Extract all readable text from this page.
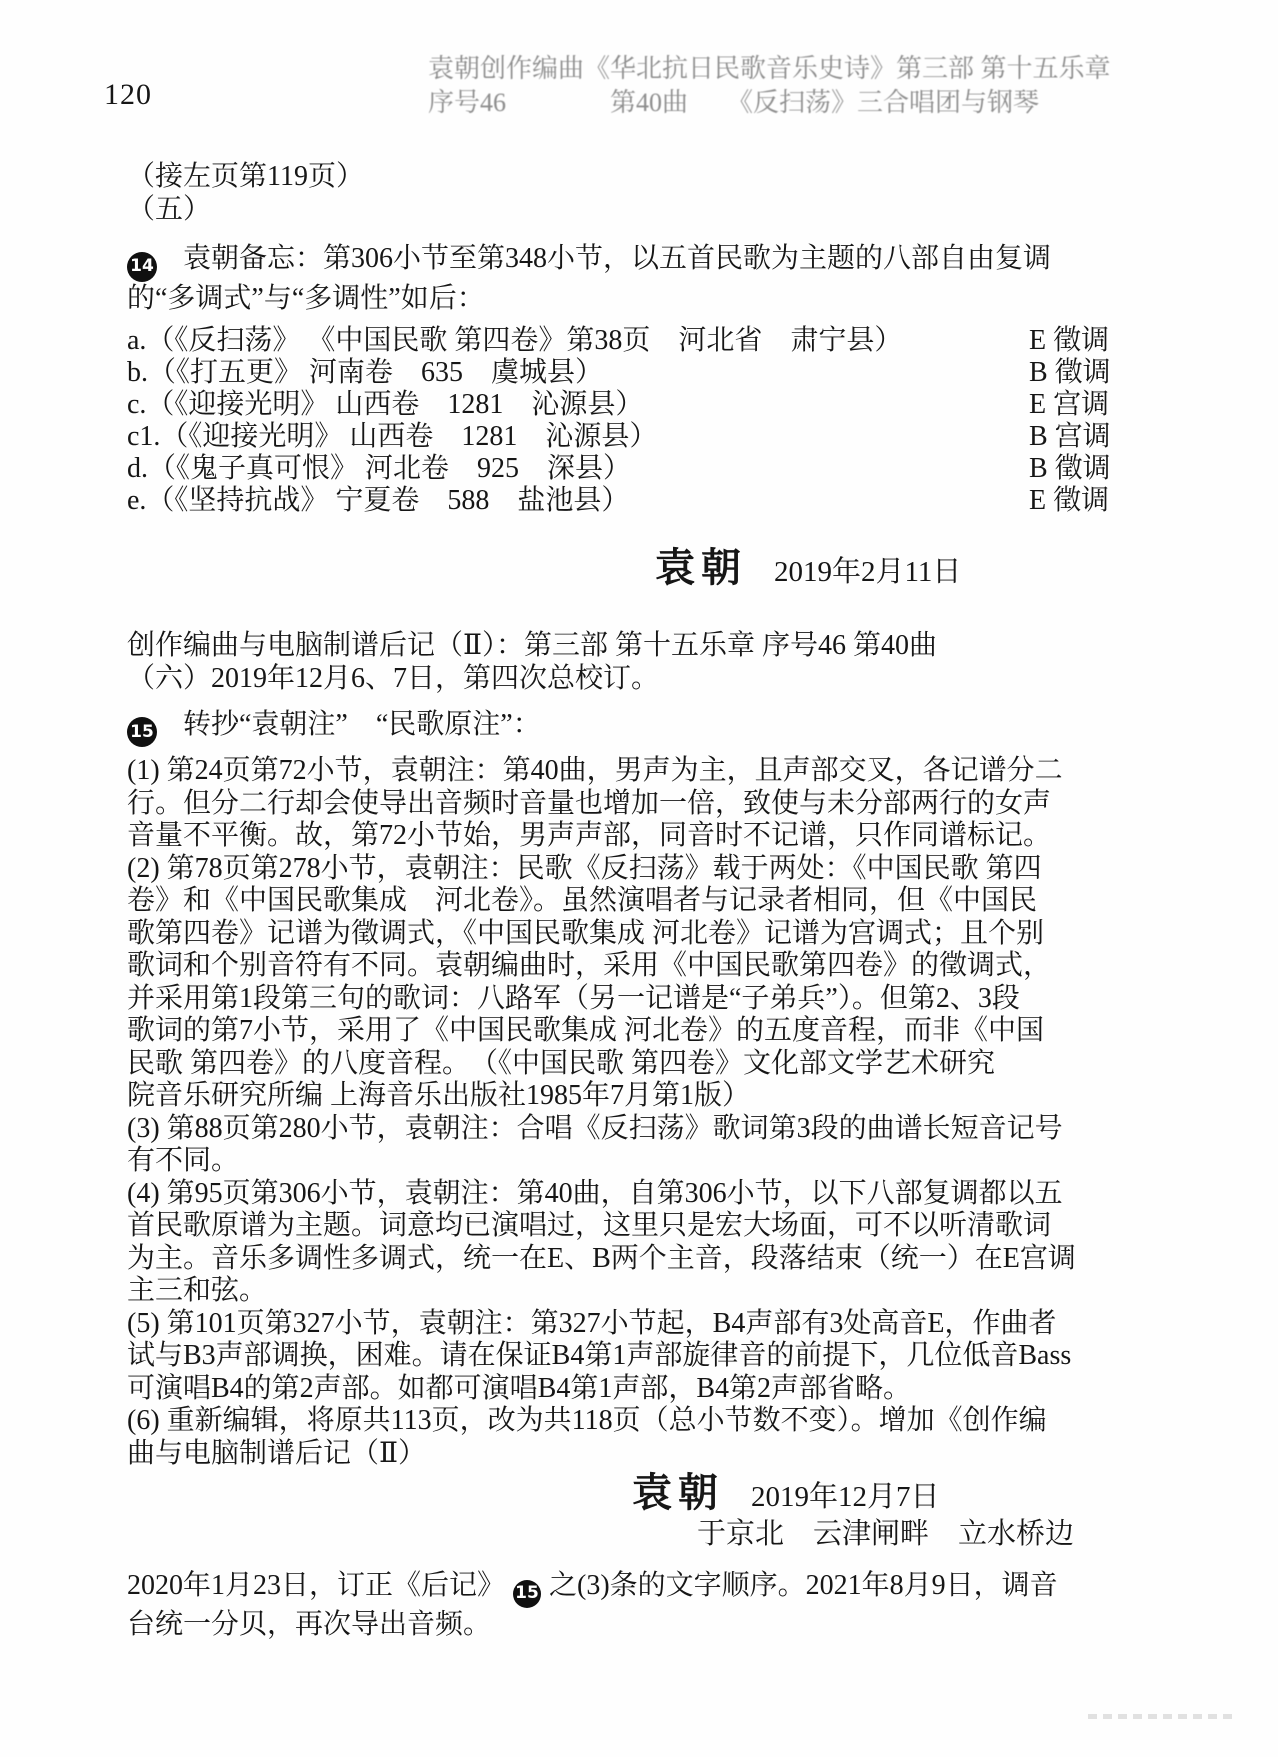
120
袁朝创作编曲《华北抗日民歌音乐史诗》第三部 第十五乐章
序号46　　　　第40曲　　《反扫荡》三合唱团与钢琴
（接左页第119页）
（五）
14 袁朝备忘：第306小节至第348小节，以五首民歌为主题的八部自由复调
的“多调式”与“多调性”如后：
a.（《反扫荡》 《中国民歌 第四卷》第38页　河北省　肃宁县）	E 徵调
b.（《打五更》 河南卷　635　虞城县）	B 徵调
c.（《迎接光明》 山西卷　1281　沁源县）	E 宫调
c1.（《迎接光明》 山西卷　1281　沁源县）	B 宫调
d.（《鬼子真可恨》 河北卷　925　深县）	B 徵调
e.（《坚持抗战》 宁夏卷　588　盐池县）	E 徵调
袁朝 2019年2月11日
创作编曲与电脑制谱后记（Ⅱ）：第三部 第十五乐章 序号46 第40曲
（六）2019年12月6、7日，第四次总校订。
15 转抄“袁朝注”　“民歌原注”：
(1) 第24页第72小节，袁朝注：第40曲，男声为主，且声部交叉，各记谱分二
行。但分二行却会使导出音频时音量也增加一倍，致使与未分部两行的女声
音量不平衡。故，第72小节始，男声声部，同音时不记谱，只作同谱标记。
(2) 第78页第278小节，袁朝注：民歌《反扫荡》载于两处：《中国民歌 第四
卷》和《中国民歌集成　河北卷》。虽然演唱者与记录者相同，但《中国民
歌第四卷》记谱为徵调式，《中国民歌集成 河北卷》记谱为宫调式；且个别
歌词和个别音符有不同。袁朝编曲时，采用《中国民歌第四卷》的徵调式，
并采用第1段第三句的歌词：八路军（另一记谱是“子弟兵”）。但第2、3段
歌词的第7小节，采用了《中国民歌集成 河北卷》的五度音程，而非《中国
民歌 第四卷》的八度音程。　（《中国民歌 第四卷》文化部文学艺术研究
院音乐研究所编 上海音乐出版社1985年7月第1版）
(3) 第88页第280小节，袁朝注：合唱《反扫荡》歌词第3段的曲谱长短音记号
有不同。
(4) 第95页第306小节，袁朝注：第40曲，自第306小节，以下八部复调都以五
首民歌原谱为主题。词意均已演唱过，这里只是宏大场面，可不以听清歌词
为主。音乐多调性多调式，统一在E、B两个主音，段落结束（统一）在E宫调
主三和弦。
(5) 第101页第327小节，袁朝注：第327小节起，B4声部有3处高音E，作曲者
试与B3声部调换，困难。请在保证B4第1声部旋律音的前提下，几位低音Bass
可演唱B4的第2声部。如都可演唱B4第1声部，B4第2声部省略。
(6) 重新编辑，将原共113页，改为共118页（总小节数不变）。增加《创作编
曲与电脑制谱后记（Ⅱ）
袁朝 2019年12月7日
于京北　云津闸畔　立水桥边
2020年1月23日，订正《后记》 15 之(3)条的文字顺序。2021年8月9日，调音
台统一分贝，再次导出音频。
